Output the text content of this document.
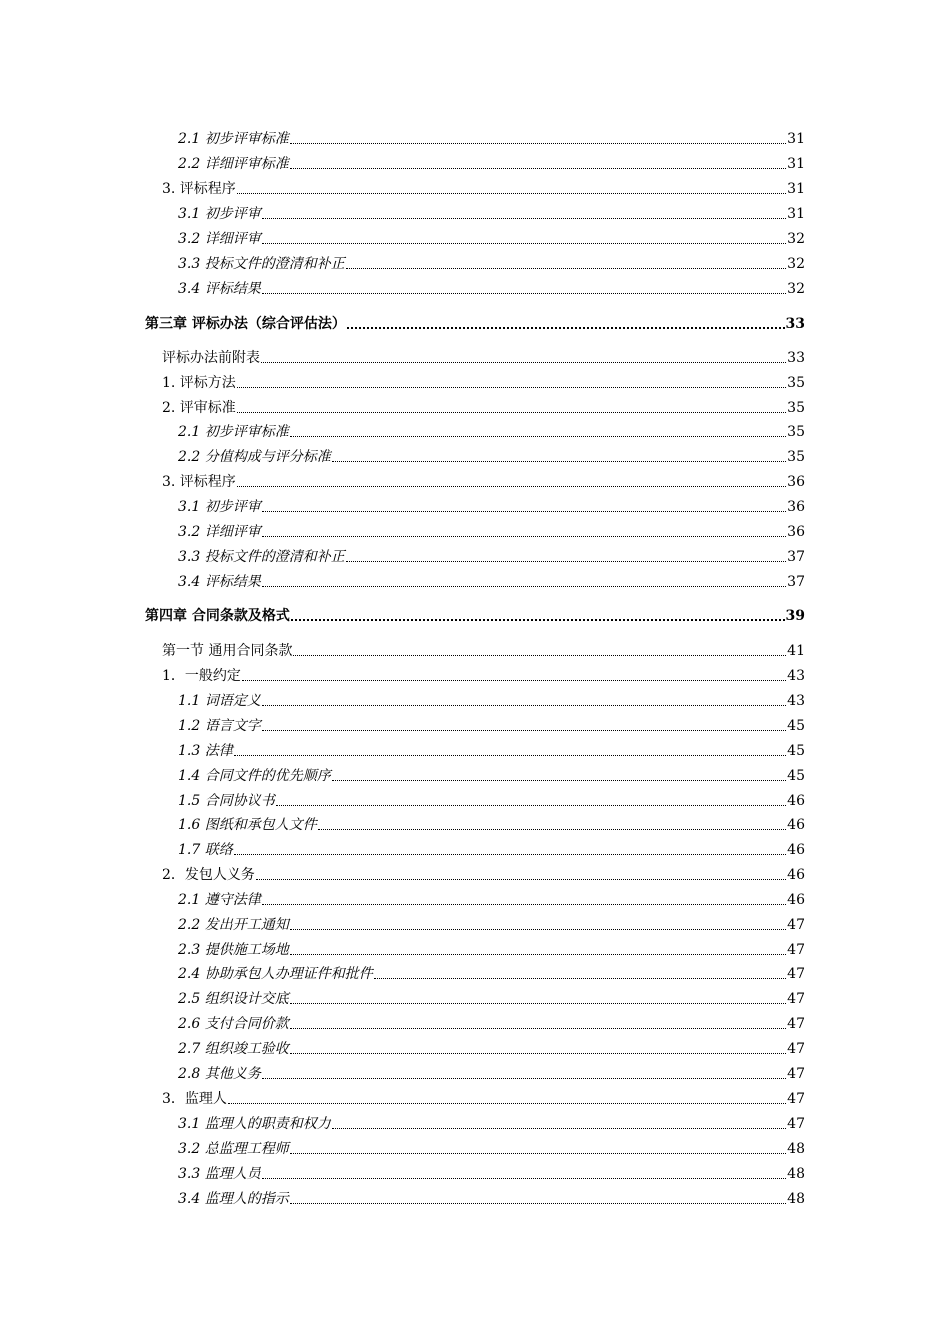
2.1 初步评审标准	31
2.2 详细评审标准	31
3. 评标程序	31
3.1 初步评审	31
3.2 详细评审	32
3.3 投标文件的澄清和补正	32
3.4 评标结果	32
第三章 评标办法（综合评估法）	33
评标办法前附表	33
1. 评标方法	35
2. 评审标准	35
2.1 初步评审标准	35
2.2 分值构成与评分标准	35
3. 评标程序	36
3.1 初步评审	36
3.2 详细评审	36
3.3 投标文件的澄清和补正	37
3.4 评标结果	37
第四章 合同条款及格式	39
第一节 通用合同条款	41
1．一般约定	43
1.1 词语定义	43
1.2 语言文字	45
1.3 法律	45
1.4 合同文件的优先顺序	45
1.5 合同协议书	46
1.6 图纸和承包人文件	46
1.7 联络	46
2．发包人义务	46
2.1 遵守法律	46
2.2 发出开工通知	47
2.3 提供施工场地	47
2.4 协助承包人办理证件和批件	47
2.5 组织设计交底	47
2.6 支付合同价款	47
2.7 组织竣工验收	47
2.8 其他义务	47
3．监理人	47
3.1 监理人的职责和权力	47
3.2 总监理工程师	48
3.3 监理人员	48
3.4 监理人的指示	48
